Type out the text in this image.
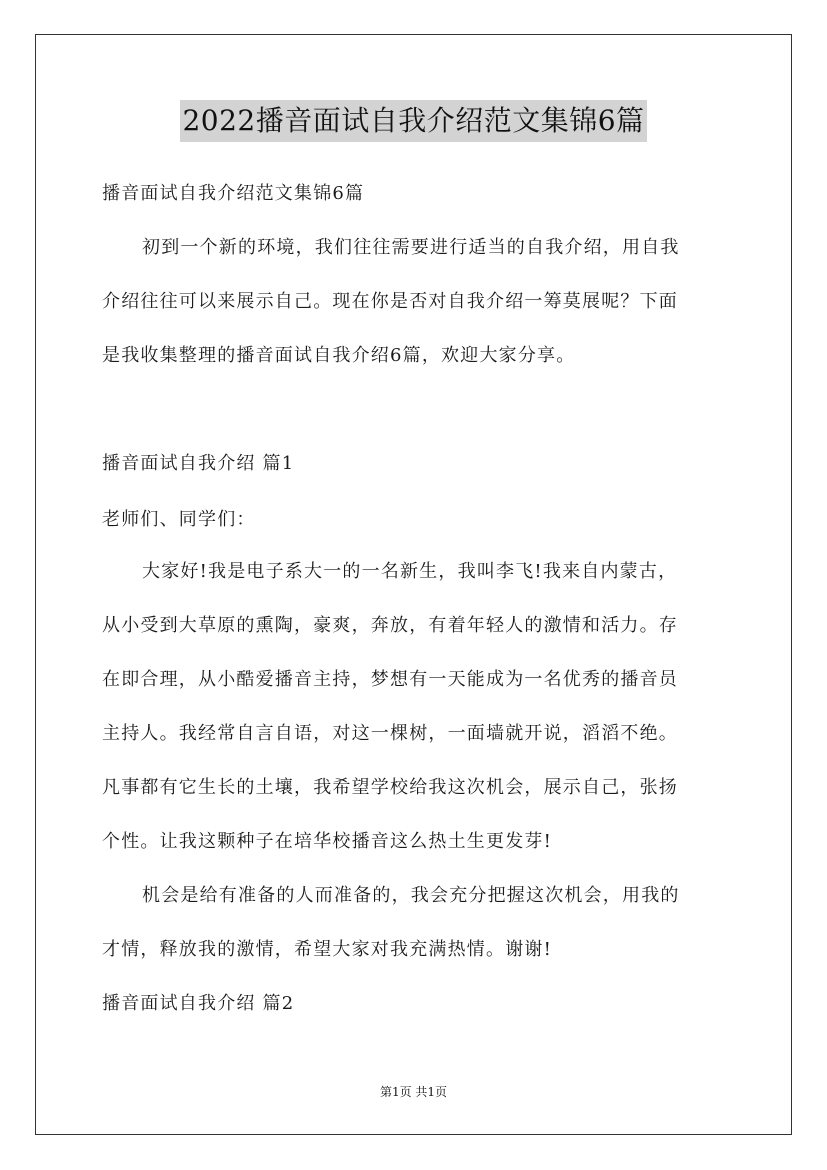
2022播音面试自我介绍范文集锦6篇
播音面试自我介绍范文集锦6篇
初到一个新的环境，我们往往需要进行适当的自我介绍，用自我
介绍往往可以来展示自己。现在你是否对自我介绍一筹莫展呢？下面
是我收集整理的播音面试自我介绍6篇，欢迎大家分享。
播音面试自我介绍 篇1
老师们、同学们：
大家好!我是电子系大一的一名新生，我叫李飞!我来自内蒙古，
从小受到大草原的熏陶，豪爽，奔放，有着年轻人的激情和活力。存
在即合理，从小酷爱播音主持，梦想有一天能成为一名优秀的播音员
主持人。我经常自言自语，对这一棵树，一面墙就开说，滔滔不绝。
凡事都有它生长的土壤，我希望学校给我这次机会，展示自己，张扬
个性。让我这颗种子在培华校播音这么热土生更发芽!
机会是给有准备的人而准备的，我会充分把握这次机会，用我的
才情，释放我的激情，希望大家对我充满热情。谢谢!
播音面试自我介绍 篇2
第1页 共1页
